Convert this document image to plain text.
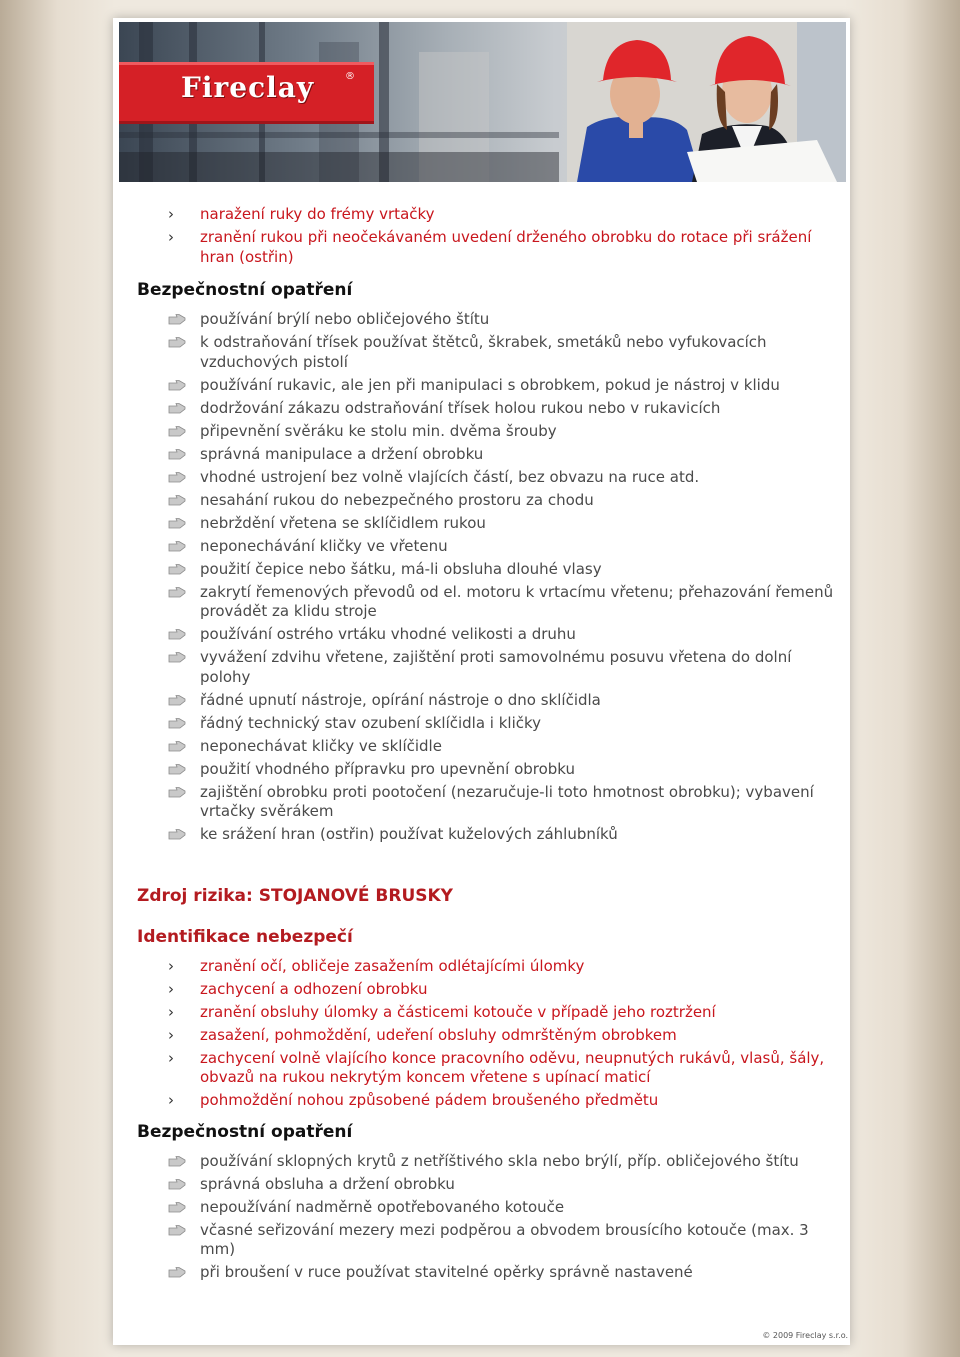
Fireclay	®
› naražení ruky do frémy vrtačky
› zranění rukou při neočekávaném uvedení drženého obrobku do rotace při srážení hran (ostřin)
Bezpečnostní opatření
používání brýlí nebo obličejového štítu
k odstraňování třísek používat štětců, škrabek, smetáků nebo vyfukovacích vzduchových pistolí
používání rukavic, ale jen při manipulaci s obrobkem, pokud je nástroj v klidu
dodržování zákazu odstraňování třísek holou rukou nebo v rukavicích
připevnění svěráku ke stolu min. dvěma šrouby
správná manipulace a držení obrobku
vhodné ustrojení bez volně vlajících částí, bez obvazu na ruce atd.
nesahání rukou do nebezpečného prostoru za chodu
nebrždění vřetena se sklíčidlem rukou
neponechávání kličky ve vřetenu
použití čepice nebo šátku, má-li obsluha dlouhé vlasy
zakrytí řemenových převodů od el. motoru k vrtacímu vřetenu; přehazování řemenů provádět za klidu stroje
používání ostrého vrtáku vhodné velikosti a druhu
vyvážení zdvihu vřetene, zajištění proti samovolnému posuvu vřetena do dolní polohy
řádné upnutí nástroje, opírání nástroje o dno sklíčidla
řádný technický stav ozubení sklíčidla i kličky
neponechávat kličky ve sklíčidle
použití vhodného přípravku pro upevnění obrobku
zajištění obrobku proti pootočení (nezaručuje-li toto hmotnost obrobku); vybavení vrtačky svěrákem
ke srážení hran (ostřin) používat kuželových záhlubníků
Zdroj rizika: STOJANOVÉ BRUSKY
Identifikace nebezpečí
› zranění očí, obličeje zasažením odlétajícími úlomky
› zachycení a odhození obrobku
› zranění obsluhy úlomky a částicemi kotouče v případě jeho roztržení
› zasažení, pohmoždění, udeření obsluhy odmrštěným obrobkem
› zachycení volně vlajícího konce pracovního oděvu, neupnutých rukávů, vlasů, šály, obvazů na rukou nekrytým koncem vřetene s upínací maticí
› pohmoždění nohou způsobené pádem broušeného předmětu
Bezpečnostní opatření
používání sklopných krytů z netříštivého skla nebo brýlí, příp. obličejového štítu
správná obsluha a držení obrobku
nepoužívání nadměrně opotřebovaného kotouče
včasné seřizování mezery mezi podpěrou a obvodem brousícího kotouče (max. 3 mm)
při broušení v ruce používat stavitelné opěrky správně nastavené
© 2009 Fireclay s.r.o.
